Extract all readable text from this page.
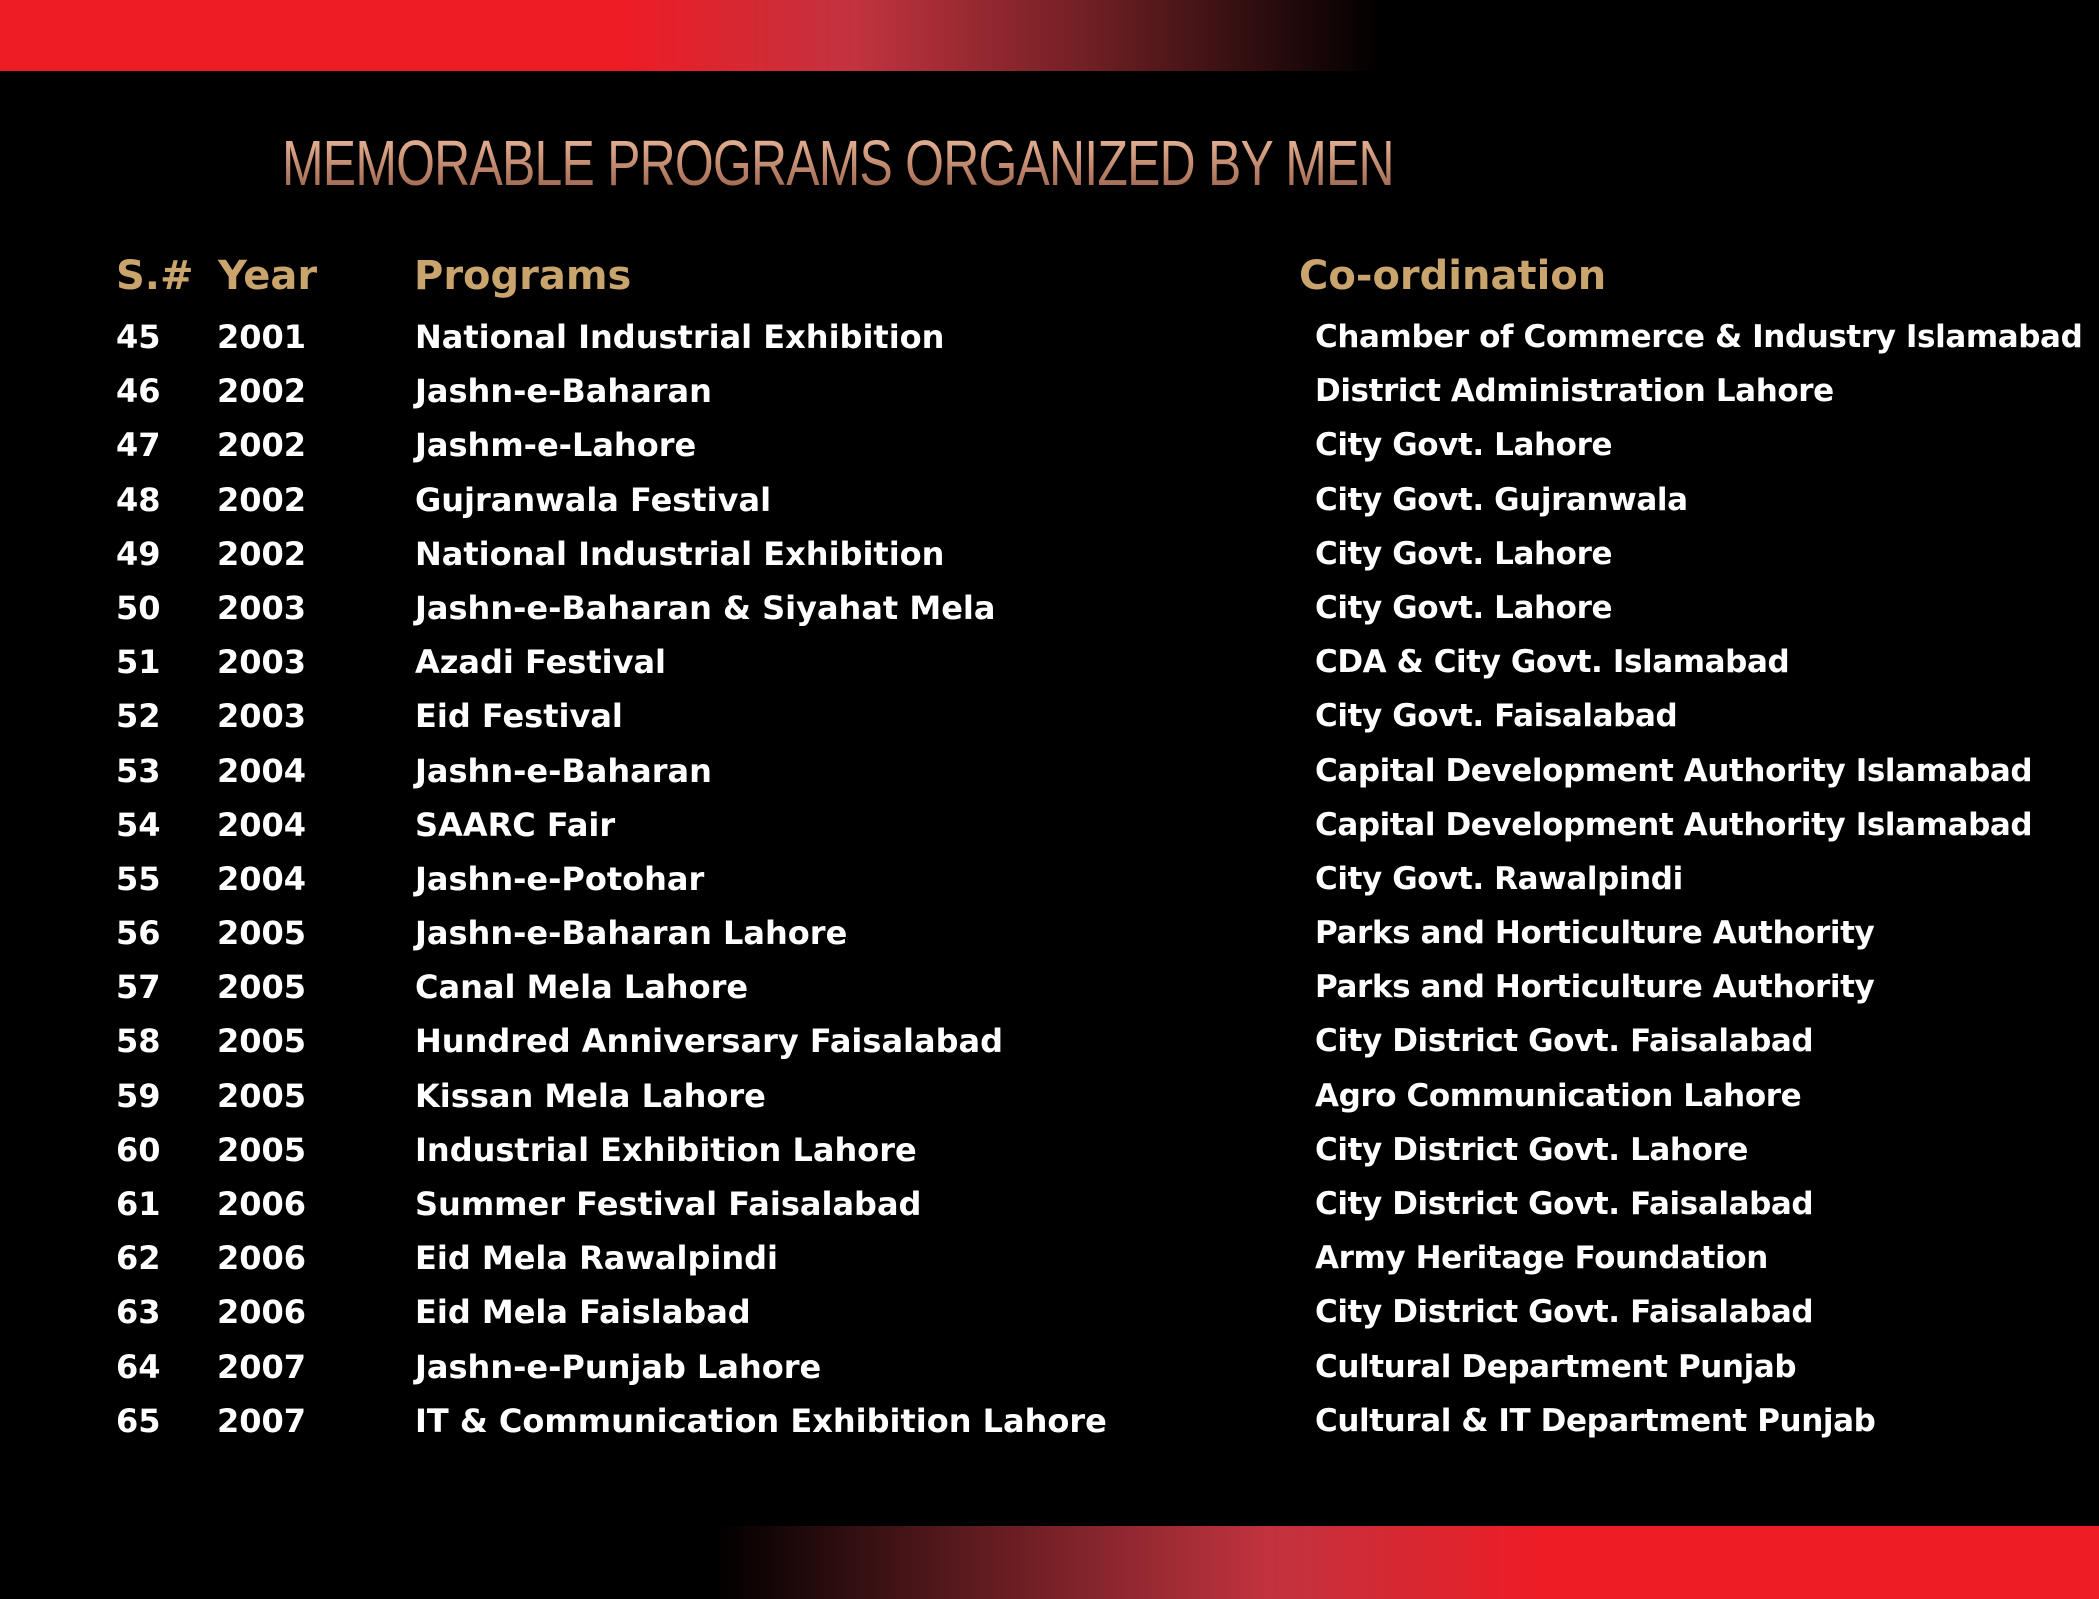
MEMORABLE PROGRAMS ORGANIZED BY MEN
S.# Year Programs	Co-ordination
45 2001	National Industrial Exhibition	Chamber of Commerce & Industry Islamabad
46 2002	Jashn-e-Baharan	District Administration Lahore
47 2002	Jashm-e-Lahore	City Govt. Lahore
48 2002	Gujranwala Festival	City Govt. Gujranwala
49 2002	National Industrial Exhibition	City Govt. Lahore
50 2003	Jashn-e-Baharan & Siyahat Mela	City Govt. Lahore
51 2003	Azadi Festival	CDA & City Govt. Islamabad
52 2003	Eid Festival	City Govt. Faisalabad
53 2004	Jashn-e-Baharan	Capital Development Authority Islamabad
54 2004	SAARC Fair	Capital Development Authority Islamabad
55 2004	Jashn-e-Potohar	City Govt. Rawalpindi
56 2005	Jashn-e-Baharan Lahore	Parks and Horticulture Authority
57 2005	Canal Mela Lahore	Parks and Horticulture Authority
58 2005	Hundred Anniversary Faisalabad	City District Govt. Faisalabad
59 2005	Kissan Mela Lahore	Agro Communication Lahore
60 2005	Industrial Exhibition Lahore	City District Govt. Lahore
61 2006	Summer Festival Faisalabad	City District Govt. Faisalabad
62 2006	Eid Mela Rawalpindi	Army Heritage Foundation
63 2006	Eid Mela Faislabad	City District Govt. Faisalabad
64 2007	Jashn-e-Punjab Lahore	Cultural Department Punjab
65 2007	IT & Communication Exhibition Lahore	Cultural & IT Department Punjab
